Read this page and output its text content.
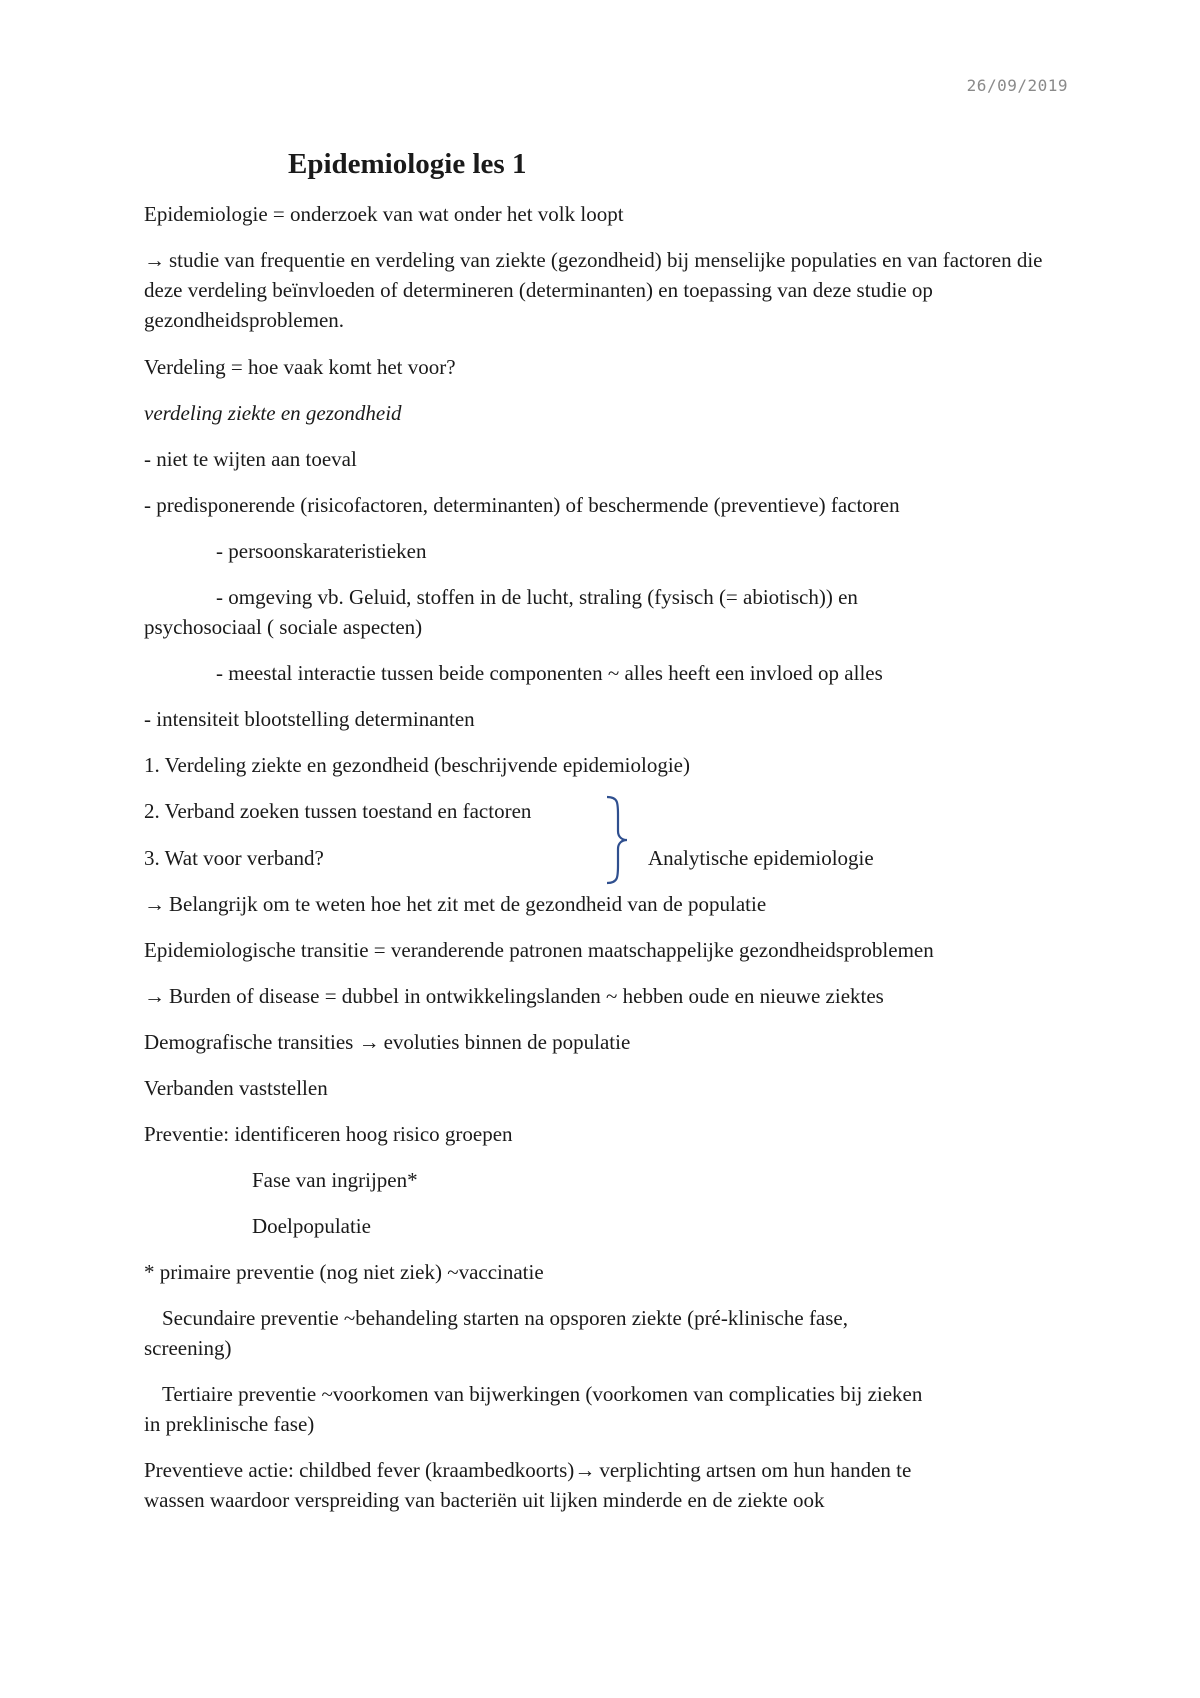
26/09/2019
Epidemiologie les 1

Epidemiologie = onderzoek van wat onder het volk loopt

→ studie van frequentie en verdeling van ziekte (gezondheid) bij menselijke populaties en van factoren die deze verdeling beïnvloeden of determineren (determinanten) en toepassing van deze studie op gezondheidsproblemen.

Verdeling = hoe vaak komt het voor?

verdeling ziekte en gezondheid

- niet te wijten aan toeval

- predisponerende (risicofactoren, determinanten) of beschermende (preventieve) factoren

- persoonskarateristieken

- omgeving vb. Geluid, stoffen in de lucht, straling (fysisch (= abiotisch)) en

psychosociaal ( sociale aspecten)

- meestal interactie tussen beide componenten ~ alles heeft een invloed op alles

- intensiteit blootstelling determinanten

1. Verdeling ziekte en gezondheid (beschrijvende epidemiologie)

2. Verband zoeken tussen toestand en factoren

3. Wat voor verband?	Analytische epidemiologie

→ Belangrijk om te weten hoe het zit met de gezondheid van de populatie

Epidemiologische transitie = veranderende patronen maatschappelijke gezondheidsproblemen

→ Burden of disease = dubbel in ontwikkelingslanden ~ hebben oude en nieuwe ziektes

Demografische transities → evoluties binnen de populatie

Verbanden vaststellen

Preventie: identificeren hoog risico groepen

Fase van ingrijpen*

Doelpopulatie

* primaire preventie (nog niet ziek) ~vaccinatie

Secundaire preventie ~behandeling starten na opsporen ziekte (pré-klinische fase,

screening)

Tertiaire preventie ~voorkomen van bijwerkingen (voorkomen van complicaties bij zieken

in preklinische fase)

Preventieve actie: childbed fever (kraambedkoorts)→ verplichting artsen om hun handen te

wassen waardoor verspreiding van bacteriën uit lijken minderde en de ziekte ook
